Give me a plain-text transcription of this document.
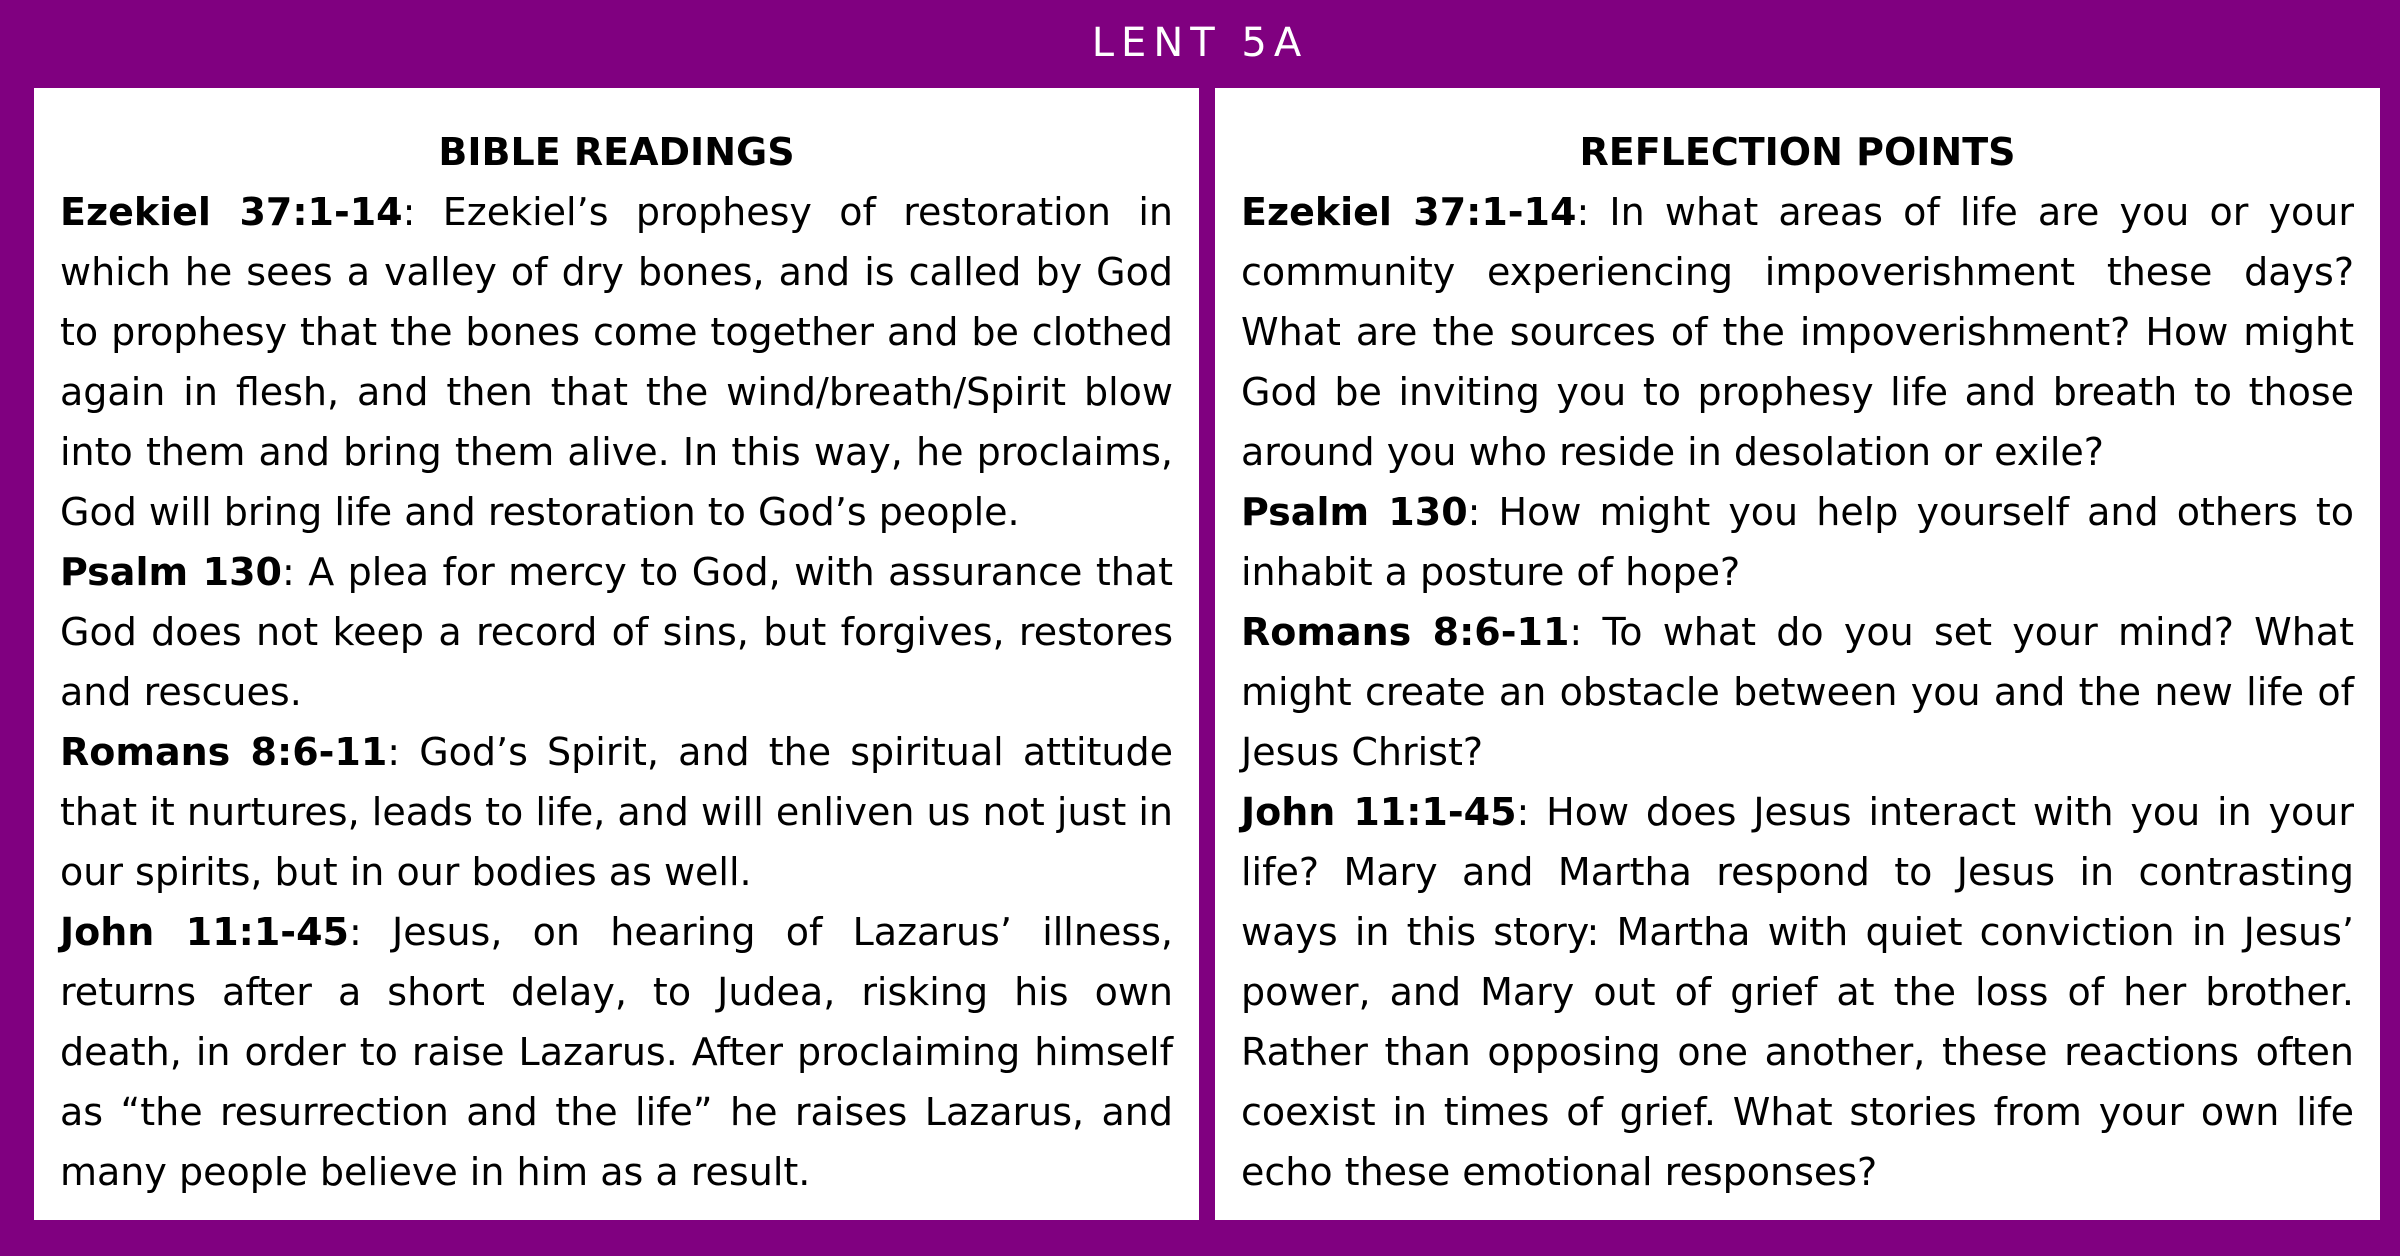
LENT 5A

BIBLE READINGS

Ezekiel 37:1-14: Ezekiel’s prophesy of restoration in which he sees a valley of dry bones, and is called by God to prophesy that the bones come together and be clothed again in flesh, and then that the wind/breath/Spirit blow into them and bring them alive. In this way, he proclaims, God will bring life and restoration to God’s people.

Psalm 130: A plea for mercy to God, with assurance that God does not keep a record of sins, but forgives, restores and rescues.

Romans 8:6-11: God’s Spirit, and the spiritual attitude that it nurtures, leads to life, and will enliven us not just in our spirits, but in our bodies as well.

John 11:1-45: Jesus, on hearing of Lazarus’ illness, returns after a short delay, to Judea, risking his own death, in order to raise Lazarus. After proclaiming himself as “the resurrection and the life” he raises Lazarus, and many people believe in him as a result.

REFLECTION POINTS

Ezekiel 37:1-14: In what areas of life are you or your community experiencing impoverishment these days? What are the sources of the impoverishment? How might God be inviting you to prophesy life and breath to those around you who reside in desolation or exile?

Psalm 130: How might you help yourself and others to inhabit a posture of hope?

Romans 8:6-11: To what do you set your mind? What might create an obstacle between you and the new life of Jesus Christ?

John 11:1-45: How does Jesus interact with you in your life? Mary and Martha respond to Jesus in contrasting ways in this story: Martha with quiet conviction in Jesus’ power, and Mary out of grief at the loss of her brother. Rather than opposing one another, these reactions often coexist in times of grief. What stories from your own life echo these emotional responses?
